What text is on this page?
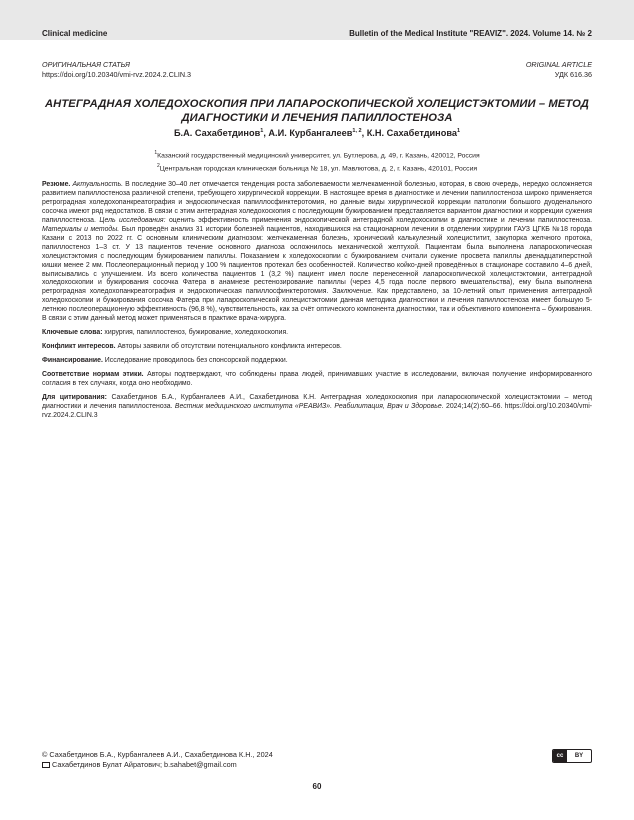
Clinical medicine	Bulletin of the Medical Institute "REAVIZ". 2024. Volume 14. № 2
ОРИГИНАЛЬНАЯ СТАТЬЯ	ORIGINAL ARTICLE
https://doi.org/10.20340/vmi-rvz.2024.2.CLIN.3	УДК 616.36
АНТЕГРАДНАЯ ХОЛЕДОХОСКОПИЯ ПРИ ЛАПАРОСКОПИЧЕСКОЙ ХОЛЕЦИСТЭКТОМИИ – МЕТОД ДИАГНОСТИКИ И ЛЕЧЕНИЯ ПАПИЛЛОСТЕНОЗА
Б.А. Сахабетдинов$^1$, А.И. Курбангалеев$^{1, 2}$, К.Н. Сахабетдинова$^1$
$^1$Казанский государственный медицинский университет, ул. Бутлерова, д. 49, г. Казань, 420012, Россия
$^2$Центральная городская клиническая больница № 18, ул. Мавлютова, д. 2, г. Казань, 420101, Россия

Резюме. Актуальность. В последние 30–40 лет отмечается тенденция роста заболеваемости желчекаменной болезнью, которая, в свою очередь, нередко осложняется развитием папиллостеноза различной степени, требующего хирургической коррекции. В настоящее время в диагностике и лечении папиллостеноза широко применяется ретроградная холедохопанкреатография и эндоскопическая папиллосфинктеротомия, но данные виды хирургической коррекции патологии большого дуоденального сосочка имеют ряд недостатков. В связи с этим антеградная холедохоскопия с последующим бужированием представляется вариантом диагностики и коррекции сужения папиллостеноза. Цель исследования: оценить эффективность применения эндоскопической антеградной холедохоскопии в диагностике и лечении папиллостеноза. Материалы и методы. Был проведён анализ 31 истории болезней пациентов, находившихся на стационарном лечении в отделении хирургии ГАУЗ ЦГКБ №18 города Казани с 2013 по 2022 гг. С основным клиническим диагнозом: желчекаменная болезнь, хронический калькулезный холециститит, закупорка желчного протока, папиллостеноз 1–3 ст. У 13 пациентов течение основного диагноза осложнилось механической желтухой. Пациентам была выполнена лапароскопическая холецистэктомия с последующим бужированием папиллы. Показанием к холедохоскопии с бужированием считали сужение просвета папиллы двенадцатиперстной кишки менее 2 мм. Послеоперационный период у 100 % пациентов протекал без особенностей. Количество койко-дней проведённых в стационаре составило 4–6 дней, выписывались с улучшением. Из всего количества пациентов 1 (3,2 %) пациент имел после перенесенной лапароскопической холецистэктомии, антеградной холедохоскопии и бужирования сосочка Фатера в анамнезе рестенозирование папиллы (через 4,5 года после первого вмешательства), ему была выполнена ретроградная холедохопанкреатография и эндоскопическая папиллосфинктеротомия. Заключение. Как представлено, за 10-летний опыт применения антеградной холедохоскопии и бужирования сосочка Фатера при лапароскопической холецистэктомии данная методика диагностики и лечения папиллостеноза имеет большую 5-летнюю послеоперационную эффективность (96,8 %), чувствительность, как за счёт оптического компонента диагностики, так и объективного компонента – бужирования. В связи с этим данный метод может применяться в практике врача-хирурга.

Ключевые слова: хирургия, папиллостеноз, бужирование, холедохоскопия.

Конфликт интересов. Авторы заявили об отсутствии потенциального конфликта интересов.

Финансирование. Исследование проводилось без спонсорской поддержки.

Соответствие нормам этики. Авторы подтверждают, что соблюдены права людей, принимавших участие в исследовании, включая получение информированного согласия в тех случаях, когда оно необходимо.

Для цитирования: Сахабетдинов Б.А., Курбангалеев А.И., Сахабетдинова К.Н. Антеградная холедохоскопия при лапароскопической холецистэктомии – метод диагностики и лечения папиллостеноза. Вестник медицинского института «РЕАВИЗ». Реабилитация, Врач и Здоровье. 2024;14(2):60–66. https://doi.org/10.20340/vmi-rvz.2024.2.CLIN.3

© Сахабетдинов Б.А., Курбангалеев А.И., Сахабетдинова К.Н., 2024
Сахабетдинов Булат Айратович; b.sahabet@gmail.com
cc	BY
60
